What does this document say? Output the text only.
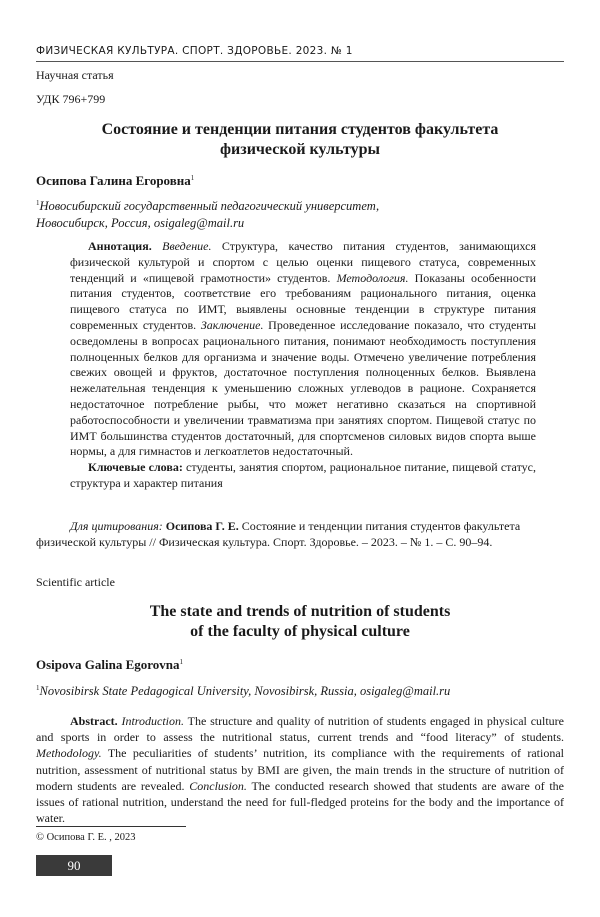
ФИЗИЧЕСКАЯ КУЛЬТУРА. СПОРТ. ЗДОРОВЬЕ. 2023. № 1
Научная статья
УДК 796+799
Состояние и тенденции питания студентов факультета
физической культуры
Осипова Галина Егоровна$^1$
$^1$Новосибирский государственный педагогический университет,
Новосибирск, Россия, osigaleg@mail.ru

Аннотация. Введение. Структура, качество питания студентов, занимающихся физической культурой и спортом с целью оценки пищевого статуса, современных тенденций и «пищевой грамотности» студентов. Методология. Показаны особенности питания студентов, соответствие его требованиям рационального питания, оценка пищевого статуса по ИМТ, выявлены основные тенденции в структуре питания современных студентов. Заключение. Проведенное исследование показало, что студенты осведомлены в вопросах рационального питания, понимают необходимость поступления полноценных белков для организма и значение воды. Отмечено увеличение потребления свежих овощей и фруктов, достаточное поступления полноценных белков. Выявлена нежелательная тенденция к уменьшению сложных углеводов в рационе. Сохраняется недостаточное потребление рыбы, что может негативно сказаться на спортивной работоспособности и увеличении травматизма при занятиях спортом. Пищевой статус по ИМТ большинства студентов достаточный, для спортсменов силовых видов спорта выше нормы, а для гимнастов и легкоатлетов недостаточный.

Ключевые слова: студенты, занятия спортом, рациональное питание, пищевой статус, структура и характер питания

Для цитирования: Осипова Г. Е. Состояние и тенденции питания студентов факультета физической культуры // Физическая культура. Спорт. Здоровье. – 2023. – № 1. – С. 90–94.
Scientific article
The state and trends of nutrition of students
of the faculty of physical culture
Osipova Galina Egorovna$^1$
$^1$Novosibirsk State Pedagogical University, Novosibirsk, Russia, osigaleg@mail.ru

Abstract. Introduction. The structure and quality of nutrition of students engaged in physical culture and sports in order to assess the nutritional status, current trends and “food literacy” of students. Methodology. The peculiarities of students’ nutrition, its compliance with the requirements of rational nutrition, assessment of nutritional status by BMI are given, the main trends in the structure of nutrition of modern students are revealed. Conclusion. The conducted research showed that students are aware of the issues of rational nutrition, understand the need for full-fledged proteins for the body and the importance of water.

© Осипова Г. Е. , 2023
90
